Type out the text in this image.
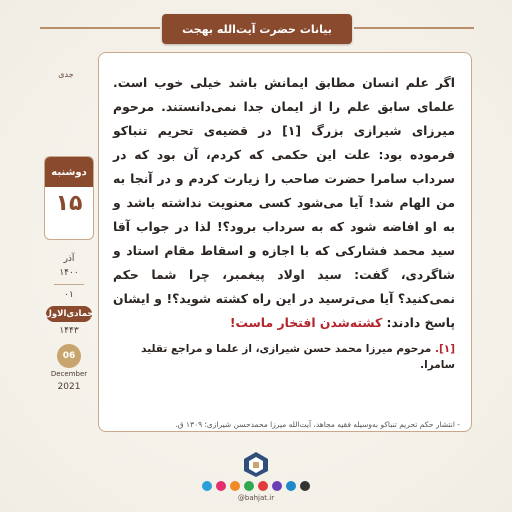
بیانات حضرت آیت‌الله بهجت
جدی
دوشنبه
۱۵
آذر
۱۴۰۰
۰۱
جمادی‌الاول
۱۴۴۳
06
December
2021

اگر علم انسان مطابق ایمانش باشد خیلی خوب است. علمای سابق علم را از ایمان جدا نمی‌دانستند. مرحوم میرزای شیرازی بزرگ [۱] در قضیه‌ی تحریم تنباکو فرموده بود: علت این حکمی که کردم، آن بود که در سرداب سامرا حضرت صاحب را زیارت کردم و در آنجا به من الهام شد! آیا می‌شود کسی معنویت نداشته باشد و به او افاضه شود که به سرداب برود؟! لذا در جواب آقا سید محمد فشارکی که با اجازه و اسقاط مقام استاد و شاگردی، گفت: سید اولاد پیغمبر، چرا شما حکم نمی‌کنید؟ آیا می‌ترسید در این راه کشته شوید؟! و ایشان پاسخ دادند: کشته‌شدن افتخار ماست!

[۱]. مرحوم میرزا محمد حسن شیرازی، از علما و مراجع تقلید سامرا.

- انتشار حکم تحریم تنباکو به‌وسیله فقیه مجاهد، آیت‌الله میرزا محمدحسن شیرازی؛ ۱۳۰۹ ق.
@bahjat.ir
